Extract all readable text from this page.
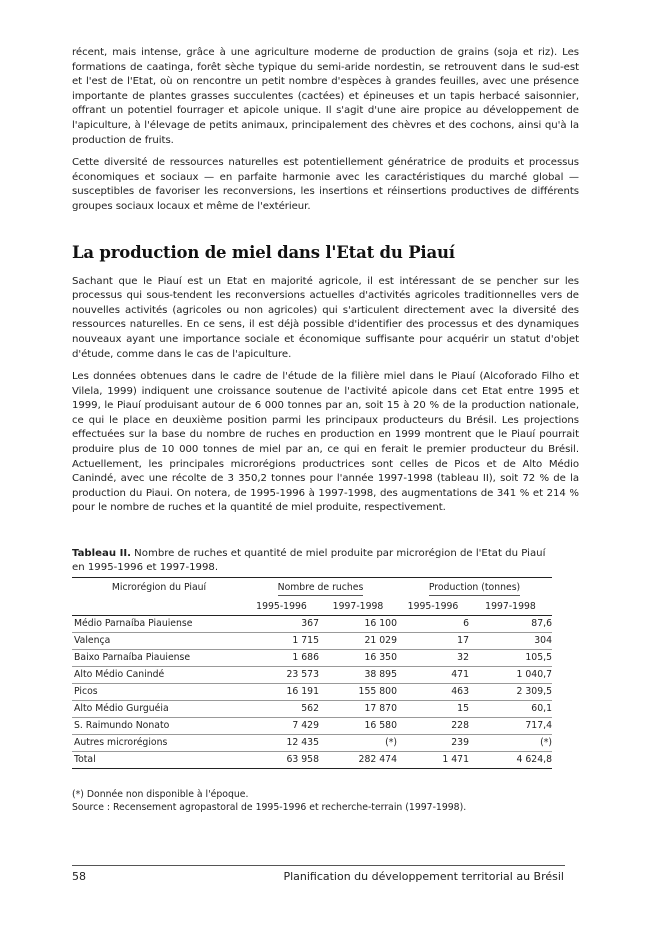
récent, mais intense, grâce à une agriculture moderne de production de grains (soja et riz). Les formations de caatinga, forêt sèche typique du semi-aride nordestin, se retrouvent dans le sud-est et l'est de l'Etat, où on rencontre un petit nombre d'espèces à grandes feuilles, avec une présence importante de plantes grasses succulentes (cactées) et épineuses et un tapis herbacé saisonnier, offrant un potentiel fourrager et apicole unique. Il s'agit d'une aire propice au développement de l'apiculture, à l'élevage de petits animaux, principalement des chèvres et des cochons, ainsi qu'à la production de fruits.

Cette diversité de ressources naturelles est potentiellement génératrice de produits et processus économiques et sociaux — en parfaite harmonie avec les caractéristiques du marché global — susceptibles de favoriser les reconversions, les insertions et réinsertions productives de différents groupes sociaux locaux et même de l'extérieur.

La production de miel dans l'Etat du Piauí

Sachant que le Piauí est un Etat en majorité agricole, il est intéressant de se pencher sur les processus qui sous-tendent les reconversions actuelles d'activités agricoles traditionnelles vers de nouvelles activités (agricoles ou non agricoles) qui s'articulent directement avec la diversité des ressources naturelles. En ce sens, il est déjà possible d'identifier des processus et des dynamiques nouveaux ayant une importance sociale et économique suffisante pour acquérir un statut d'objet d'étude, comme dans le cas de l'apiculture.

Les données obtenues dans le cadre de l'étude de la filière miel dans le Piauí (Alcoforado Filho et Vilela, 1999) indiquent une croissance soutenue de l'activité apicole dans cet Etat entre 1995 et 1999, le Piauí produisant autour de 6 000 tonnes par an, soit 15 à 20 % de la production nationale, ce qui le place en deuxième position parmi les principaux producteurs du Brésil. Les projections effectuées sur la base du nombre de ruches en production en 1999 montrent que le Piauí pourrait produire plus de 10 000 tonnes de miel par an, ce qui en ferait le premier producteur du Brésil. Actuellement, les principales microrégions productrices sont celles de Picos et de Alto Médio Canindé, avec une récolte de 3 350,2 tonnes pour l'année 1997-1998 (tableau II), soit 72 % de la production du Piaui. On notera, de 1995-1996 à 1997-1998, des augmentations de 341 % et 214 % pour le nombre de ruches et la quantité de miel produite, respectivement.

Tableau II. Nombre de ruches et quantité de miel produite par microrégion de l'Etat du Piauí en 1995-1996 et 1997-1998.
Microrégion du Piauí	Nombre de ruches		Production (tonnes)	
	1995-1996	1997-1998	1995-1996	1997-1998
Médio Parnaíba Piauiense	367	16 100	6	87,6
Valença	1 715	21 029	17	304
Baixo Parnaíba Piauiense	1 686	16 350	32	105,5
Alto Médio Canindé	23 573	38 895	471	1 040,7
Picos	16 191	155 800	463	2 309,5
Alto Médio Gurguéia	562	17 870	15	60,1
S. Raimundo Nonato	7 429	16 580	228	717,4
Autres microrégions	12 435	(*)	239	(*)
Total	63 958	282 474	1 471	4 624,8
(*) Donnée non disponible à l'époque.
Source : Recensement agropastoral de 1995-1996 et recherche-terrain (1997-1998).
58	Planification du développement territorial au Brésil
